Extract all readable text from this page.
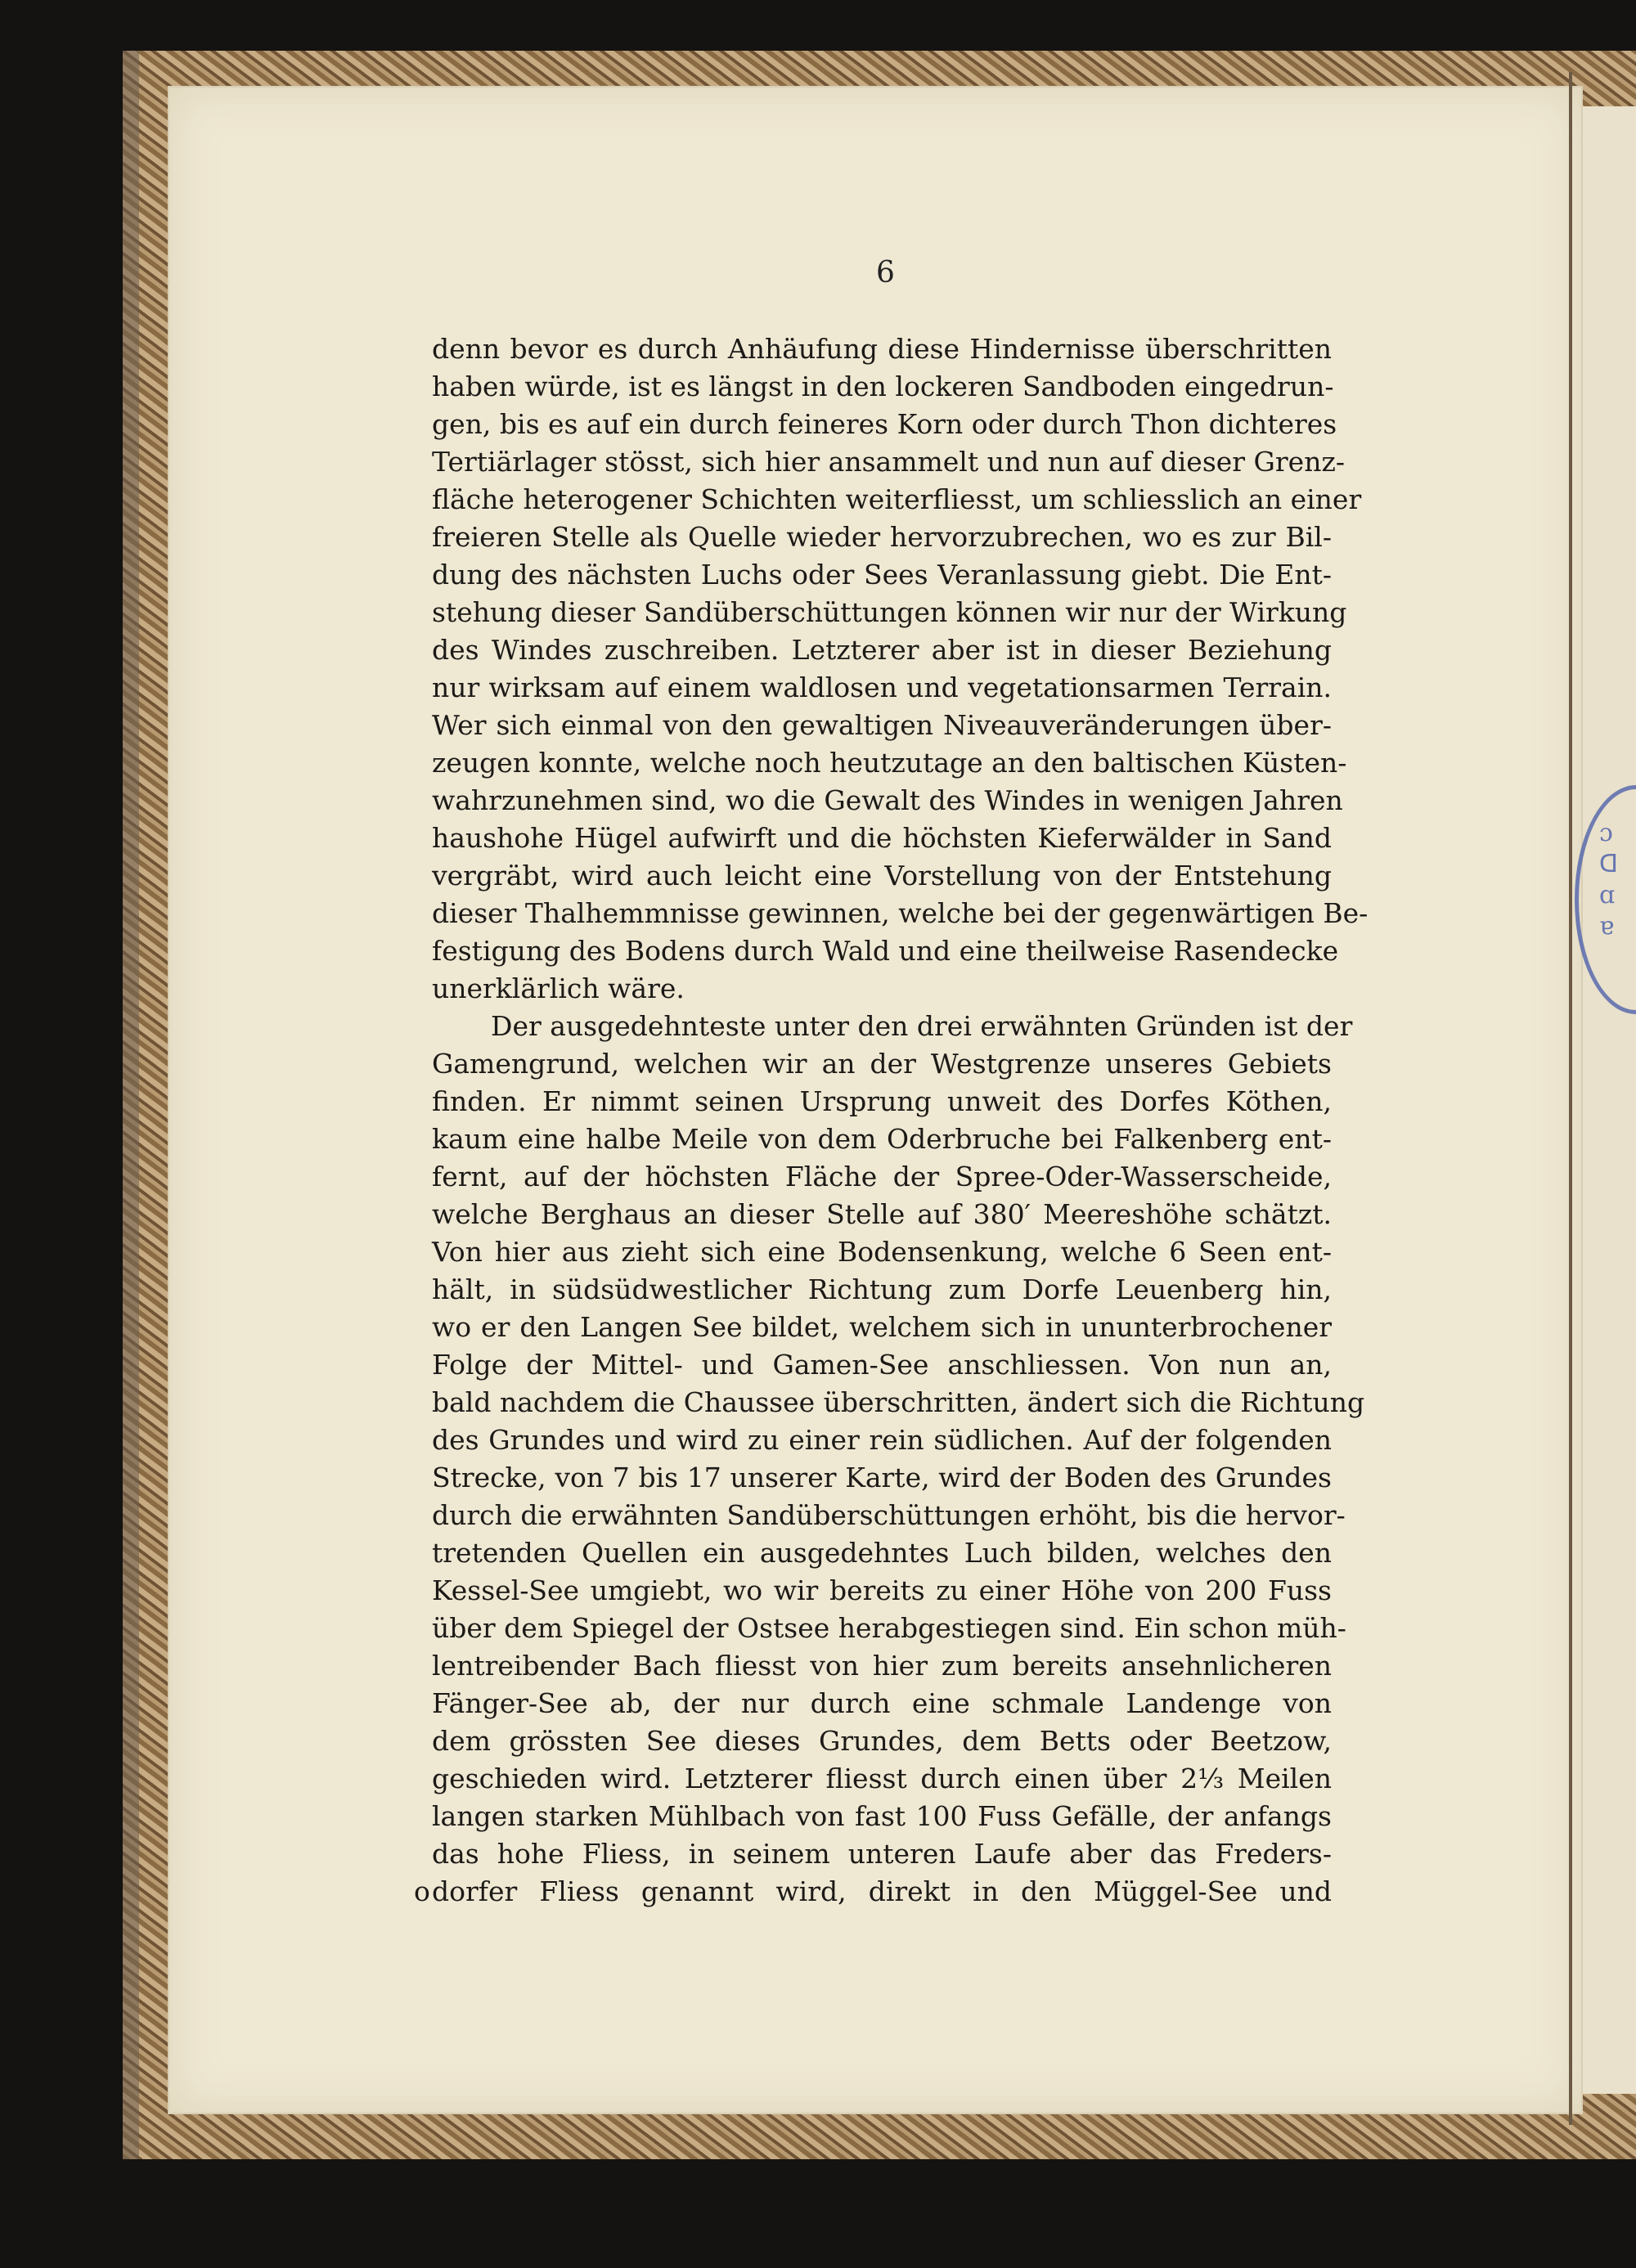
ɔ
ᗡ
ɑ
ɐ
6
denn bevor es durch Anhäufung diese Hindernisse überschritten
haben würde, ist es längst in den lockeren Sandboden eingedrun-
gen, bis es auf ein durch feineres Korn oder durch Thon dichteres
Tertiärlager stösst, sich hier ansammelt und nun auf dieser Grenz-
fläche heterogener Schichten weiterfliesst, um schliesslich an einer
freieren Stelle als Quelle wieder hervorzubrechen, wo es zur Bil-
dung des nächsten Luchs oder Sees Veranlassung giebt. Die Ent-
stehung dieser Sandüberschüttungen können wir nur der Wirkung
des Windes zuschreiben. Letzterer aber ist in dieser Beziehung
nur wirksam auf einem waldlosen und vegetationsarmen Terrain.
Wer sich einmal von den gewaltigen Niveauveränderungen über-
zeugen konnte, welche noch heutzutage an den baltischen Küsten-
wahrzunehmen sind, wo die Gewalt des Windes in wenigen Jahren
haushohe Hügel aufwirft und die höchsten Kieferwälder in Sand
vergräbt, wird auch leicht eine Vorstellung von der Entstehung
dieser Thalhemmnisse gewinnen, welche bei der gegenwärtigen Be-
festigung des Bodens durch Wald und eine theilweise Rasendecke
unerklärlich wäre.
Der ausgedehnteste unter den drei erwähnten Gründen ist der
Gamengrund, welchen wir an der Westgrenze unseres Gebiets
finden. Er nimmt seinen Ursprung unweit des Dorfes Köthen,
kaum eine halbe Meile von dem Oderbruche bei Falkenberg ent-
fernt, auf der höchsten Fläche der Spree-Oder-Wasserscheide,
welche Berghaus an dieser Stelle auf 380′ Meereshöhe schätzt.
Von hier aus zieht sich eine Bodensenkung, welche 6 Seen ent-
hält, in südsüdwestlicher Richtung zum Dorfe Leuenberg hin,
wo er den Langen See bildet, welchem sich in ununterbrochener
Folge der Mittel- und Gamen-See anschliessen. Von nun an,
bald nachdem die Chaussee überschritten, ändert sich die Richtung
des Grundes und wird zu einer rein südlichen. Auf der folgenden
Strecke, von 7 bis 17 unserer Karte, wird der Boden des Grundes
durch die erwähnten Sandüberschüttungen erhöht, bis die hervor-
tretenden Quellen ein ausgedehntes Luch bilden, welches den
Kessel-See umgiebt, wo wir bereits zu einer Höhe von 200 Fuss
über dem Spiegel der Ostsee herabgestiegen sind. Ein schon müh-
lentreibender Bach fliesst von hier zum bereits ansehnlicheren
Fänger-See ab, der nur durch eine schmale Landenge von
dem grössten See dieses Grundes, dem Betts oder Beetzow,
geschieden wird. Letzterer fliesst durch einen über 2⅓ Meilen
langen starken Mühlbach von fast 100 Fuss Gefälle, der anfangs
das hohe Fliess, in seinem unteren Laufe aber das Freders-
dorfer Fliess genannt wird, direkt in den Müggel-See und
o
